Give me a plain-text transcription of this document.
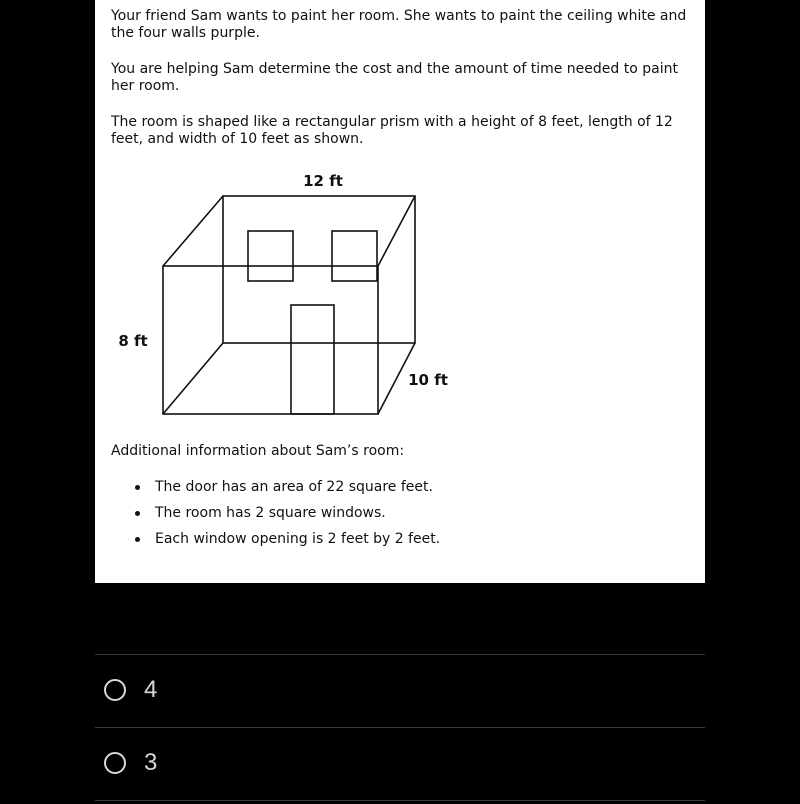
Your friend Sam wants to paint her room. She wants to paint the ceiling white and the four walls purple.

You are helping Sam determine the cost and the amount of time needed to paint her room.

The room is shaped like a rectangular prism with a height of 8 feet, length of 12 feet, and width of 10 feet as shown.

12 ft
8 ft
10 ft

Additional information about Sam’s room:

The door has an area of 22 square feet.
The room has 2 square windows.
Each window opening is 2 feet by 2 feet.
4
3
